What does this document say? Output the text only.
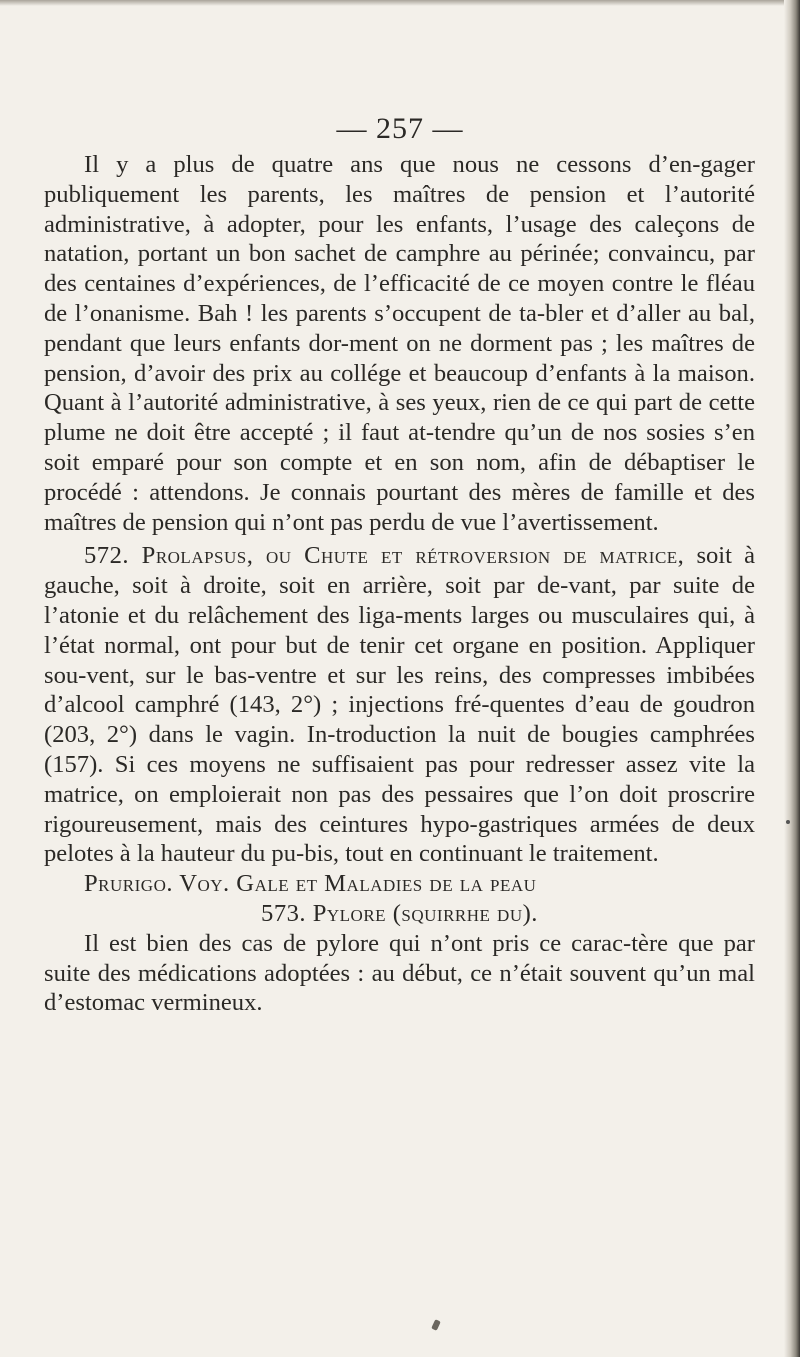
— 257 —

Il y a plus de quatre ans que nous ne cessons d’en-gager publiquement les parents, les maîtres de pension et l’autorité administrative, à adopter, pour les enfants, l’usage des caleçons de natation, portant un bon sachet de camphre au périnée; convaincu, par des centaines d’expériences, de l’efficacité de ce moyen contre le fléau de l’onanisme. Bah ! les parents s’occupent de ta-bler et d’aller au bal, pendant que leurs enfants dor-ment on ne dorment pas ; les maîtres de pension, d’avoir des prix au collége et beaucoup d’enfants à la maison. Quant à l’autorité administrative, à ses yeux, rien de ce qui part de cette plume ne doit être accepté ; il faut at-tendre qu’un de nos sosies s’en soit emparé pour son compte et en son nom, afin de débaptiser le procédé : attendons. Je connais pourtant des mères de famille et des maîtres de pension qui n’ont pas perdu de vue l’avertissement.

572. Prolapsus, ou Chute et rétroversion de matrice, soit à gauche, soit à droite, soit en arrière, soit par de-vant, par suite de l’atonie et du relâchement des liga-ments larges ou musculaires qui, à l’état normal, ont pour but de tenir cet organe en position. Appliquer sou-vent, sur le bas-ventre et sur les reins, des compresses imbibées d’alcool camphré (143, 2°) ; injections fré-quentes d’eau de goudron (203, 2°) dans le vagin. In-troduction la nuit de bougies camphrées (157). Si ces moyens ne suffisaient pas pour redresser assez vite la matrice, on emploierait non pas des pessaires que l’on doit proscrire rigoureusement, mais des ceintures hypo-gastriques armées de deux pelotes à la hauteur du pu-bis, tout en continuant le traitement.

Prurigo. Voy. Gale et Maladies de la peau

573. Pylore (squirrhe du).

Il est bien des cas de pylore qui n’ont pris ce carac-tère que par suite des médications adoptées : au début, ce n’était souvent qu’un mal d’estomac vermineux.
